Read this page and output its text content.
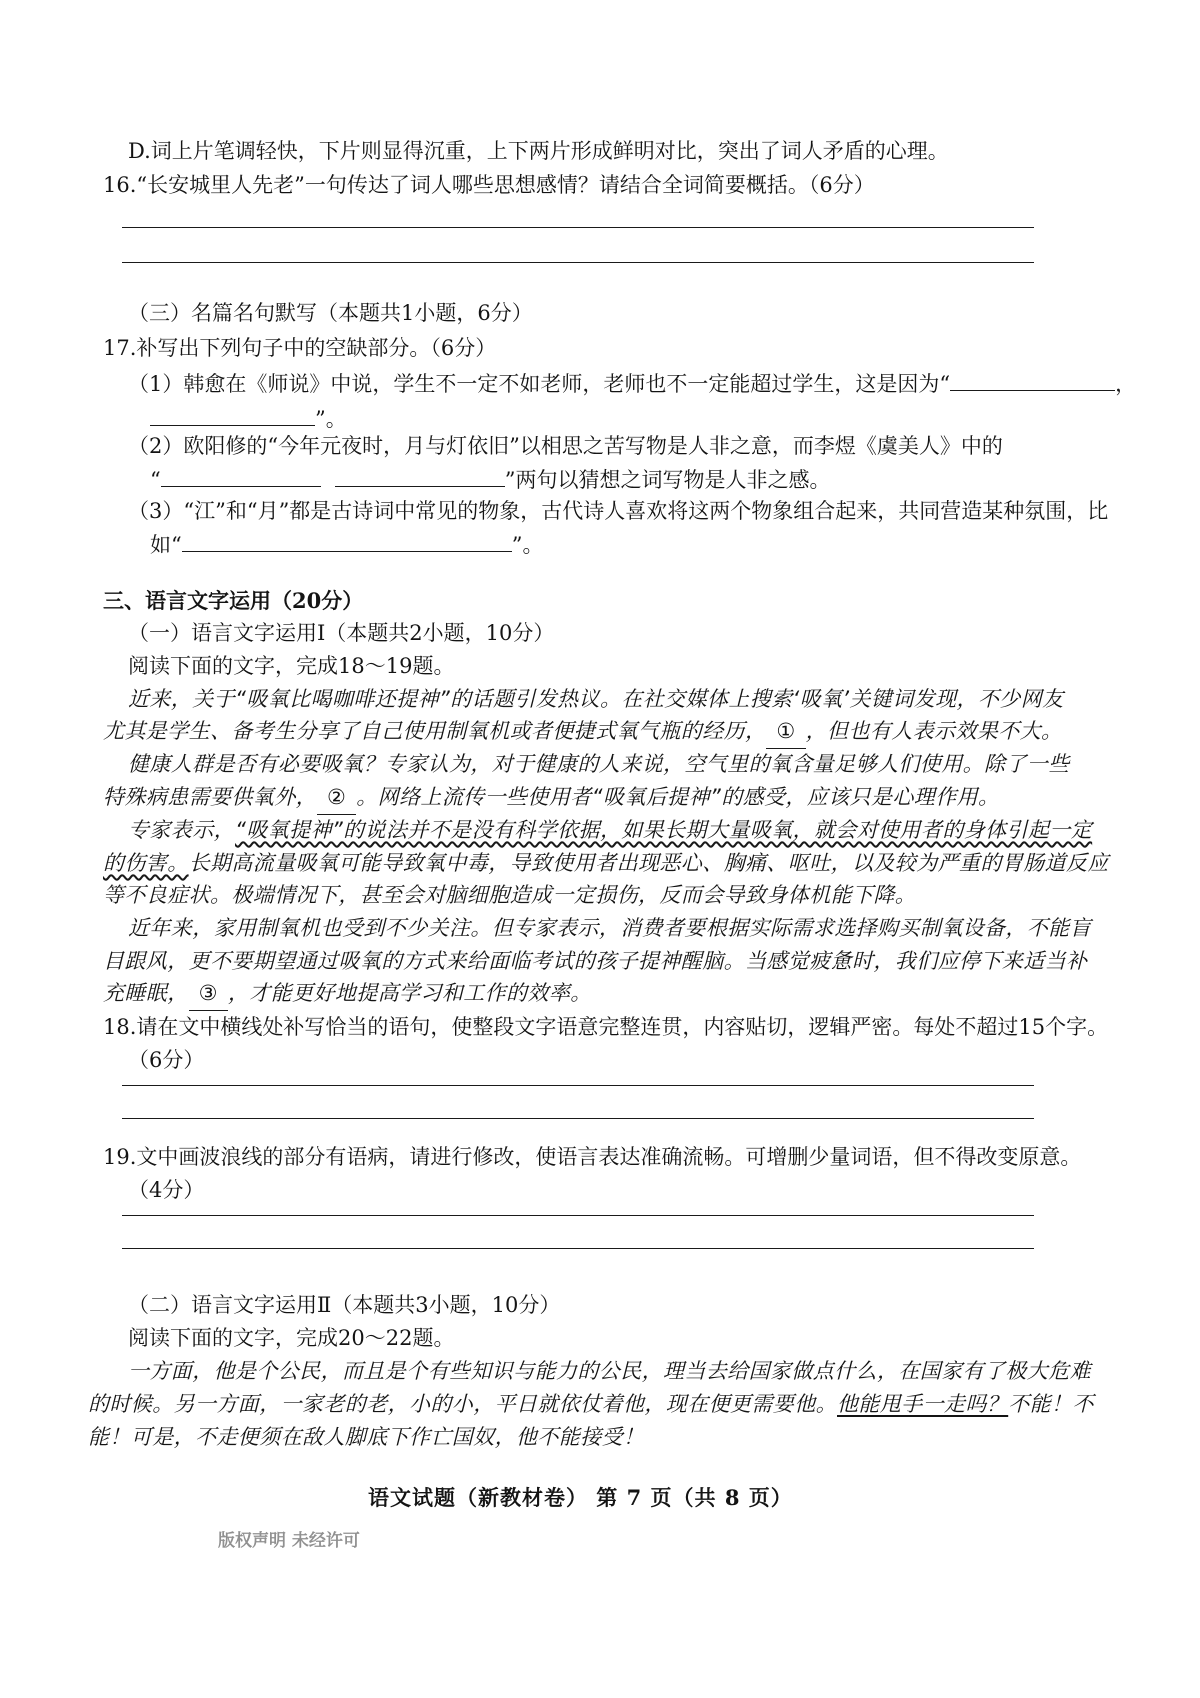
D.词上片笔调轻快，下片则显得沉重，上下两片形成鲜明对比，突出了词人矛盾的心理。
16.“长安城里人先老”一句传达了词人哪些思想感情？请结合全词简要概括。（6分）
（三）名篇名句默写（本题共1小题，6分）
17.补写出下列句子中的空缺部分。（6分）
（1）韩愈在《师说》中说，学生不一定不如老师，老师也不一定能超过学生，这是因为“	，
”。
（2）欧阳修的“今年元夜时，月与灯依旧”以相思之苦写物是人非之意，而李煜《虞美人》中的
“	”两句以猜想之词写物是人非之感。
（3）“江”和“月”都是古诗词中常见的物象，古代诗人喜欢将这两个物象组合起来，共同营造某种氛围，比
如“	”。
三、语言文字运用（20分）
（一）语言文字运用Ⅰ（本题共2小题，10分）
阅读下面的文字，完成18～19题。
近来，关于“吸氧比喝咖啡还提神”的话题引发热议。在社交媒体上搜索‘吸氧’关键词发现，不少网友
尤其是学生、备考生分享了自己使用制氧机或者便捷式氧气瓶的经历， ① ，但也有人表示效果不大。
健康人群是否有必要吸氧？专家认为，对于健康的人来说，空气里的氧含量足够人们使用。除了一些
特殊病患需要供氧外， ② 。网络上流传一些使用者“吸氧后提神”的感受，应该只是心理作用。
专家表示，“吸氧提神”的说法并不是没有科学依据，如果长期大量吸氧，就会对使用者的身体引起一定
的伤害。长期高流量吸氧可能导致氧中毒，导致使用者出现恶心、胸痛、呕吐，以及较为严重的胃肠道反应
等不良症状。极端情况下，甚至会对脑细胞造成一定损伤，反而会导致身体机能下降。
近年来，家用制氧机也受到不少关注。但专家表示，消费者要根据实际需求选择购买制氧设备，不能盲
目跟风，更不要期望通过吸氧的方式来给面临考试的孩子提神醒脑。当感觉疲惫时，我们应停下来适当补
充睡眠， ③ ，才能更好地提高学习和工作的效率。
18.请在文中横线处补写恰当的语句，使整段文字语意完整连贯，内容贴切，逻辑严密。每处不超过15个字。
（6分）
19.文中画波浪线的部分有语病，请进行修改，使语言表达准确流畅。可增删少量词语，但不得改变原意。
（4分）
（二）语言文字运用Ⅱ（本题共3小题，10分）
阅读下面的文字，完成20～22题。
一方面，他是个公民，而且是个有些知识与能力的公民，理当去给国家做点什么，在国家有了极大危难
的时候。另一方面，一家老的老，小的小，平日就依仗着他，现在便更需要他。他能甩手一走吗？不能！不
能！可是，不走便须在敌人脚底下作亡国奴，他不能接受！
语文试题（新教材卷） 第 7 页（共 8 页）
版权声明 未经许可
